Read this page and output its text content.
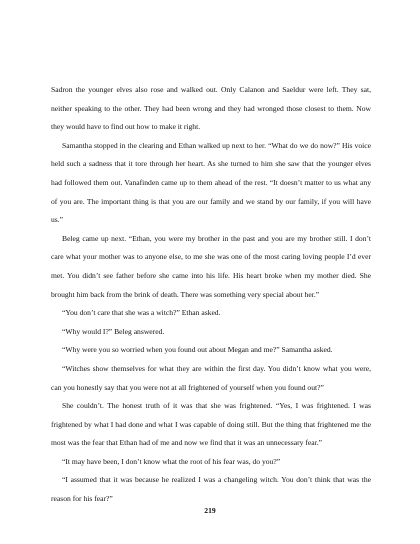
Sadron the younger elves also rose and walked out. Only Calanon and Saeldur were left. They sat, neither speaking to the other. They had been wrong and they had wronged those closest to them. Now they would have to find out how to make it right.

Samantha stopped in the clearing and Ethan walked up next to her. “What do we do now?” His voice held such a sadness that it tore through her heart. As she turned to him she saw that the younger elves had followed them out. Vanafinden came up to them ahead of the rest. “It doesn’t matter to us what any of you are. The important thing is that you are our family and we stand by our family, if you will have us.”

Beleg came up next. “Ethan, you were my brother in the past and you are my brother still. I don’t care what your mother was to anyone else, to me she was one of the most caring loving people I’d ever met. You didn’t see father before she came into his life. His heart broke when my mother died. She brought him back from the brink of death. There was something very special about her.”

“You don’t care that she was a witch?” Ethan asked.

“Why would I?” Beleg answered.

“Why were you so worried when you found out about Megan and me?” Samantha asked.

“Witches show themselves for what they are within the first day. You didn’t know what you were, can you honestly say that you were not at all frightened of yourself when you found out?”

She couldn’t. The honest truth of it was that she was frightened. “Yes, I was frightened. I was frightened by what I had done and what I was capable of doing still. But the thing that frightened me the most was the fear that Ethan had of me and now we find that it was an unnecessary fear.”

“It may have been, I don’t know what the root of his fear was, do you?”

“I assumed that it was because he realized I was a changeling witch. You don’t think that was the reason for his fear?”

219
